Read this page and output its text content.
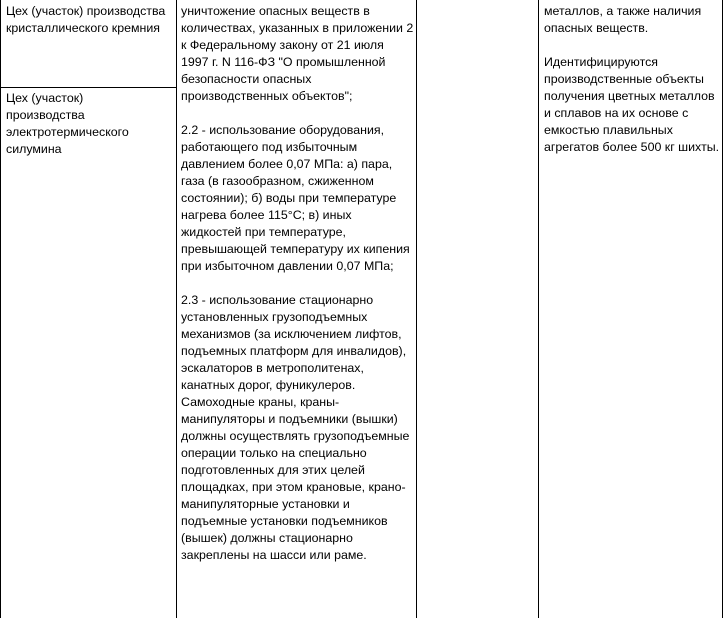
Цех (участок) производства кристаллического кремния

Цех (участок) производства электротермического силумина

уничтожение опасных веществ в количествах, указанных в приложении 2 к Федеральному закону от 21 июля 1997 г. N 116-ФЗ "О промышленной безопасности опасных производственных объектов";

2.2 - использование оборудования, работающего под избыточным давлением более 0,07 МПа: а) пара, газа (в газообразном, сжиженном состоянии); б) воды при температуре нагрева более 115°С; в) иных жидкостей при температуре, превышающей температуру их кипения при избыточном давлении 0,07 МПа;

2.3 - использование стационарно установленных грузоподъемных механизмов (за исключением лифтов, подъемных платформ для инвалидов), эскалаторов в метрополитенах, канатных дорог, фуникулеров. Самоходные краны, краны-манипуляторы и подъемники (вышки) должны осуществлять грузоподъемные операции только на специально подготовленных для этих целей площадках, при этом крановые, крано-манипуляторные установки и подъемные установки подъемников (вышек) должны стационарно закреплены на шасси или раме.

металлов, а также наличия опасных веществ.

Идентифицируются производственные объекты получения цветных металлов и сплавов на их основе с емкостью плавильных агрегатов более 500 кг шихты.
